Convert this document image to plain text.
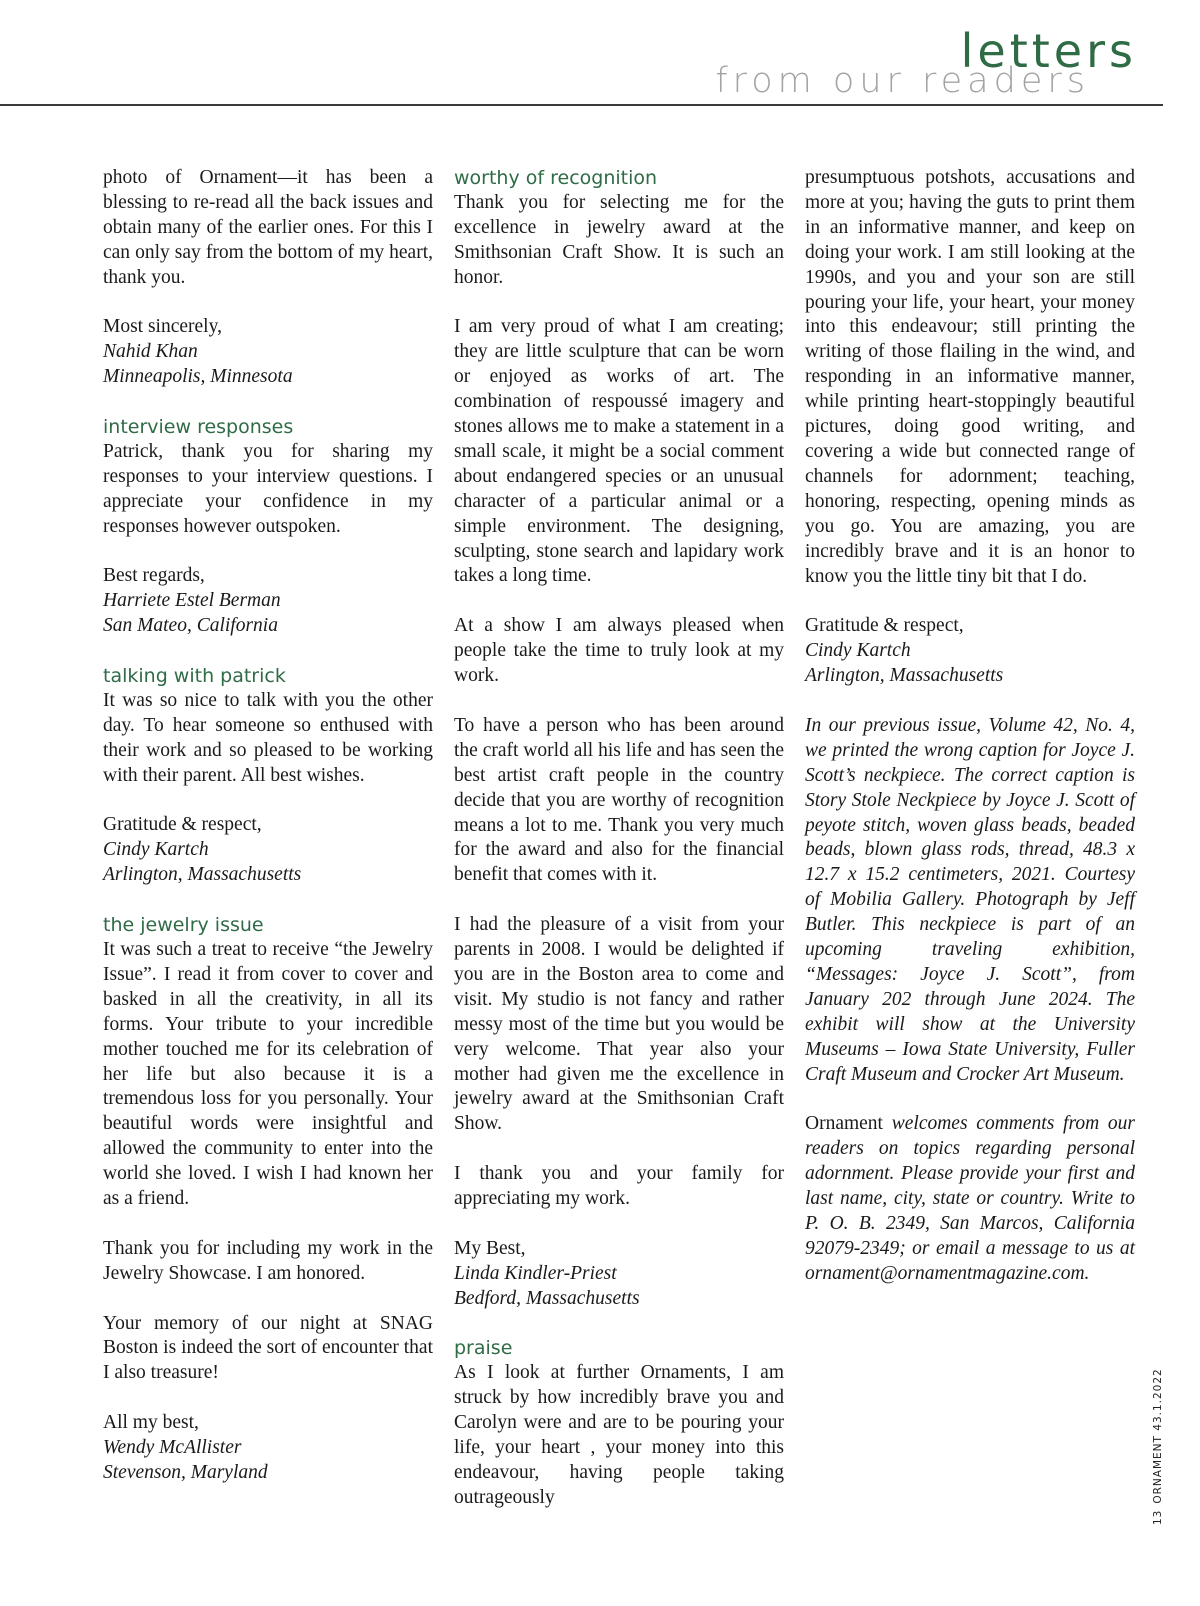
from our readers
letters

photo of Ornament—it has been a blessing to re-read all the back issues and obtain many of the earlier ones. For this I can only say from the bottom of my heart, thank you.

Most sincerely,

Nahid Khan

Minneapolis, Minnesota

interview responses

Patrick, thank you for sharing my responses to your interview questions. I appreciate your confidence in my responses however outspoken.

Best regards,

Harriete Estel Berman

San Mateo, California

talking with patrick

It was so nice to talk with you the other day. To hear someone so enthused with their work and so pleased to be working with their parent. All best wishes.

Gratitude & respect,

Cindy Kartch

Arlington, Massachusetts

the jewelry issue

It was such a treat to receive “the Jewelry Issue”. I read it from cover to cover and basked in all the creativity, in all its forms. Your tribute to your incredible mother touched me for its celebration of her life but also because it is a tremendous loss for you personally. Your beautiful words were insightful and allowed the community to enter into the world she loved. I wish I had known her as a friend.

Thank you for including my work in the Jewelry Showcase. I am honored.

Your memory of our night at SNAG Boston is indeed the sort of encounter that I also treasure!

All my best,

Wendy McAllister

Stevenson, Maryland

worthy of recognition

Thank you for selecting me for the excellence in jewelry award at the Smithsonian Craft Show. It is such an honor.

I am very proud of what I am creating; they are little sculpture that can be worn or enjoyed as works of art. The combination of respoussé imagery and stones allows me to make a statement in a small scale, it might be a social comment about endangered species or an unusual character of a particular animal or a simple environment. The designing, sculpting, stone search and lapidary work takes a long time.

At a show I am always pleased when people take the time to truly look at my work.

To have a person who has been around the craft world all his life and has seen the best artist craft people in the country decide that you are worthy of recognition means a lot to me. Thank you very much for the award and also for the financial benefit that comes with it.

I had the pleasure of a visit from your parents in 2008. I would be delighted if you are in the Boston area to come and visit. My studio is not fancy and rather messy most of the time but you would be very welcome. That year also your mother had given me the excellence in jewelry award at the Smithsonian Craft Show.

I thank you and your family for appreciating my work.

My Best,

Linda Kindler-Priest

Bedford, Massachusetts

praise

As I look at further Ornaments, I am struck by how incredibly brave you and Carolyn were and are to be pouring your life, your heart , your money into this endeavour, having people taking outrageously

presumptuous potshots, accusations and more at you; having the guts to print them in an informative manner, and keep on doing your work. I am still looking at the 1990s, and you and your son are still pouring your life, your heart, your money into this endeavour; still printing the writing of those flailing in the wind, and responding in an informative manner, while printing heart-stoppingly beautiful pictures, doing good writing, and covering a wide but connected range of channels for adornment; teaching, honoring, respecting, opening minds as you go. You are amazing, you are incredibly brave and it is an honor to know you the little tiny bit that I do.

Gratitude & respect,

Cindy Kartch

Arlington, Massachusetts

In our previous issue, Volume 42, No. 4, we printed the wrong caption for Joyce J. Scott’s neckpiece. The correct caption is Story Stole Neckpiece by Joyce J. Scott of peyote stitch, woven glass beads, beaded beads, blown glass rods, thread, 48.3 x 12.7 x 15.2 centimeters, 2021. Courtesy of Mobilia Gallery. Photograph by Jeff Butler. This neckpiece is part of an upcoming traveling exhibition, “Messages: Joyce J. Scott”, from January 202 through June 2024. The exhibit will show at the University Museums – Iowa State University, Fuller Craft Museum and Crocker Art Museum.

Ornament welcomes comments from our readers on topics regarding personal adornment. Please provide your first and last name, city, state or country. Write to P. O. B. 2349, San Marcos, California 92079-2349; or email a message to us at ornament@ornamentmagazine.com.

13ORNAMENT 43.1.2022
